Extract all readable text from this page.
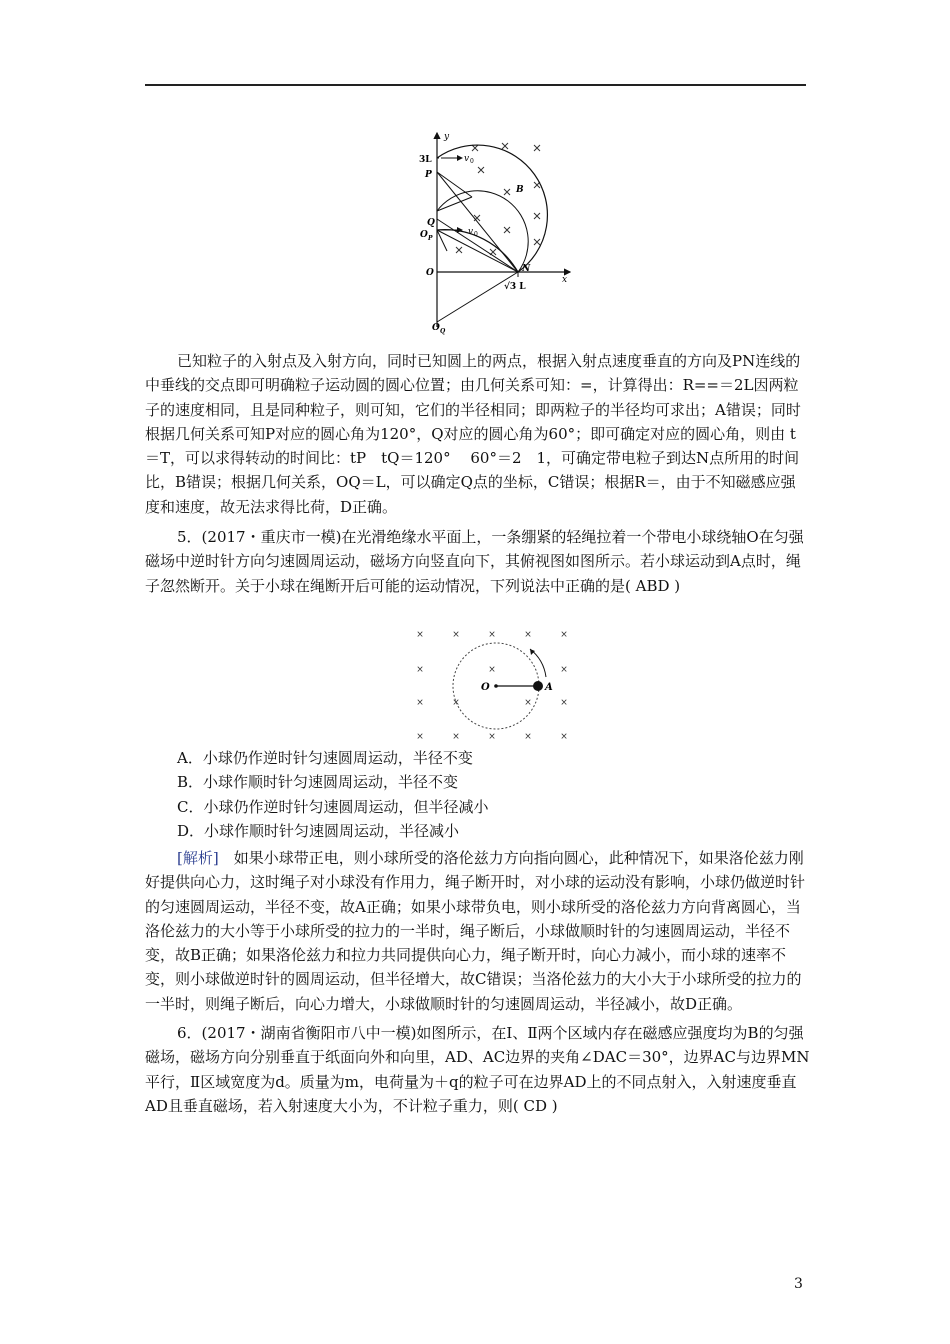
y
x
3L
P
Q
O P
O
O Q
N
B
v 0
v 0
√3 L

已知粒子的入射点及入射方向，同时已知圆上的两点，根据入射点速度垂直的方向及PN连线的中垂线的交点即可明确粒子运动圆的圆心位置；由几何关系可知：=，计算得出：R==＝2L因两粒子的速度相同，且是同种粒子，则可知，它们的半径相同；即两粒子的半径均可求出；A错误；同时根据几何关系可知P对应的圆心角为120°，Q对应的圆心角为60°；即可确定对应的圆心角，则由 t＝T，可以求得转动的时间比：tP　tQ＝120°　 60°＝2　1，可确定带电粒子到达N点所用的时间比，B错误；根据几何关系，OQ＝L，可以确定Q点的坐标，C错误；根据R＝，由于不知磁感应强度和速度，故无法求得比荷，D正确。

5．(2017・重庆市一模)在光滑绝缘水平面上，一条绷紧的轻绳拉着一个带电小球绕轴O在匀强磁场中逆时针方向匀速圆周运动，磁场方向竖直向下，其俯视图如图所示。若小球运动到A点时，绳子忽然断开。关于小球在绳断开后可能的运动情况，下列说法中正确的是( ABD )

×	×	×	×	×
×	×	×
×	×	×	×
×	×	×	×	×
O	A
A．小球仍作逆时针匀速圆周运动，半径不变
B．小球作顺时针匀速圆周运动，半径不变
C．小球仍作逆时针匀速圆周运动，但半径减小
D．小球作顺时针匀速圆周运动，半径减小

[解析]　 如果小球带正电，则小球所受的洛伦兹力方向指向圆心，此种情况下，如果洛伦兹力刚好提供向心力，这时绳子对小球没有作用力，绳子断开时，对小球的运动没有影响，小球仍做逆时针的匀速圆周运动，半径不变，故A正确；如果小球带负电，则小球所受的洛伦兹力方向背离圆心，当洛伦兹力的大小等于小球所受的拉力的一半时，绳子断后，小球做顺时针的匀速圆周运动，半径不变，故B正确；如果洛伦兹力和拉力共同提供向心力，绳子断开时，向心力减小，而小球的速率不变，则小球做逆时针的圆周运动，但半径增大，故C错误；当洛伦兹力的大小大于小球所受的拉力的一半时，则绳子断后，向心力增大，小球做顺时针的匀速圆周运动，半径减小，故D正确。

6．(2017・湖南省衡阳市八中一模)如图所示，在Ⅰ、Ⅱ两个区域内存在磁感应强度均为B的匀强磁场，磁场方向分别垂直于纸面向外和向里，AD、AC边界的夹角∠DAC＝30°，边界AC与边界MN平行，Ⅱ区域宽度为d。质量为m，电荷量为＋q的粒子可在边界AD上的不同点射入，入射速度垂直AD且垂直磁场，若入射速度大小为，不计粒子重力，则( CD )

3
